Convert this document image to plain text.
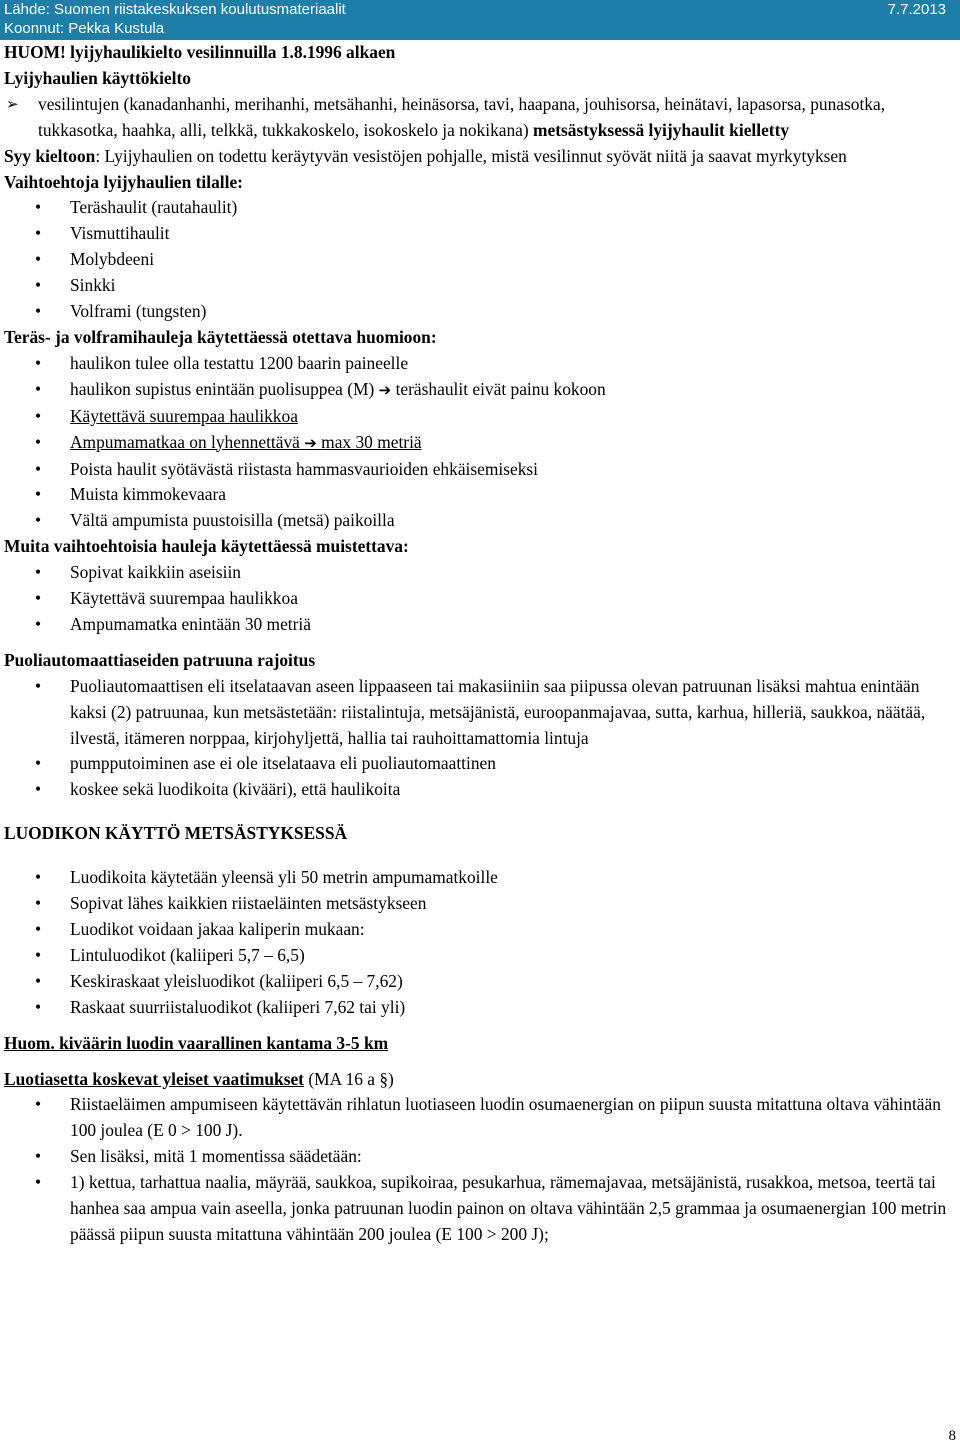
Lähde: Suomen riistakeskuksen koulutusmateriaalit
Koonnut: Pekka Kustula
7.7.2013

HUOM! lyijyhaulikielto vesilinnuilla 1.8.1996 alkaen

Lyijyhaulien käyttökielto

➢ vesilintujen (kanadanhanhi, merihanhi, metsähanhi, heinäsorsa, tavi, haapana, jouhisorsa, heinätavi, lapasorsa, punasotka, tukkasotka, haahka, alli, telkkä, tukkakoskelo, isokoskelo ja nokikana) metsästyksessä lyijyhaulit kielletty

Syy kieltoon: Lyijyhaulien on todettu keräytyvän vesistöjen pohjalle, mistä vesilinnut syövät niitä ja saavat myrkytyksen

Vaihtoehtoja lyijyhaulien tilalle:

• Teräshaulit (rautahaulit)

• Vismuttihaulit

• Molybdeeni

• Sinkki

• Volframi (tungsten)

Teräs- ja volframihauleja käytettäessä otettava huomioon:

• haulikon tulee olla testattu 1200 baarin paineelle

• haulikon supistus enintään puolisuppea (M) ➔ teräshaulit eivät painu kokoon

• Käytettävä suurempaa haulikkoa

• Ampumamatkaa on lyhennettävä ➔ max 30 metriä

• Poista haulit syötävästä riistasta hammasvaurioiden ehkäisemiseksi

• Muista kimmokevaara

• Vältä ampumista puustoisilla (metsä) paikoilla

Muita vaihtoehtoisia hauleja käytettäessä muistettava:

• Sopivat kaikkiin aseisiin

• Käytettävä suurempaa haulikkoa

• Ampumamatka enintään 30 metriä

Puoliautomaattiaseiden patruuna rajoitus

• Puoliautomaattisen eli itselataavan aseen lippaaseen tai makasiiniin saa piipussa olevan patruunan lisäksi mahtua enintään kaksi (2) patruunaa, kun metsästetään: riistalintuja, metsäjänistä, euroopanmajavaa, sutta, karhua, hilleriä, saukkoa, näätää, ilvestä, itämeren norppaa, kirjohyljettä, hallia tai rauhoittamattomia lintuja

• pumpputoiminen ase ei ole itselataava eli puoliautomaattinen

• koskee sekä luodikoita (kivääri), että haulikoita

LUODIKON KÄYTTÖ METSÄSTYKSESSÄ

• Luodikoita käytetään yleensä yli 50 metrin ampumamatkoille

• Sopivat lähes kaikkien riistaeläinten metsästykseen

• Luodikot voidaan jakaa kaliperin mukaan:

• Lintuluodikot (kaliiperi 5,7 – 6,5)

• Keskiraskaat yleisluodikot (kaliiperi 6,5 – 7,62)

• Raskaat suurriistaluodikot (kaliiperi 7,62 tai yli)

Huom. kiväärin luodin vaarallinen kantama 3-5 km

Luotiasetta koskevat yleiset vaatimukset (MA 16 a §)

• Riistaeläimen ampumiseen käytettävän rihlatun luotiaseen luodin osumaenergian on piipun suusta mitattuna oltava vähintään 100 joulea (E 0 > 100 J).

• Sen lisäksi, mitä 1 momentissa säädetään:

• 1) kettua, tarhattua naalia, mäyrää, saukkoa, supikoiraa, pesukarhua, rämemajavaa, metsäjänistä, rusakkoa, metsoa, teertä tai hanhea saa ampua vain aseella, jonka patruunan luodin painon on oltava vähintään 2,5 grammaa ja osumaenergian 100 metrin päässä piipun suusta mitattuna vähintään 200 joulea (E 100 > 200 J);

8
